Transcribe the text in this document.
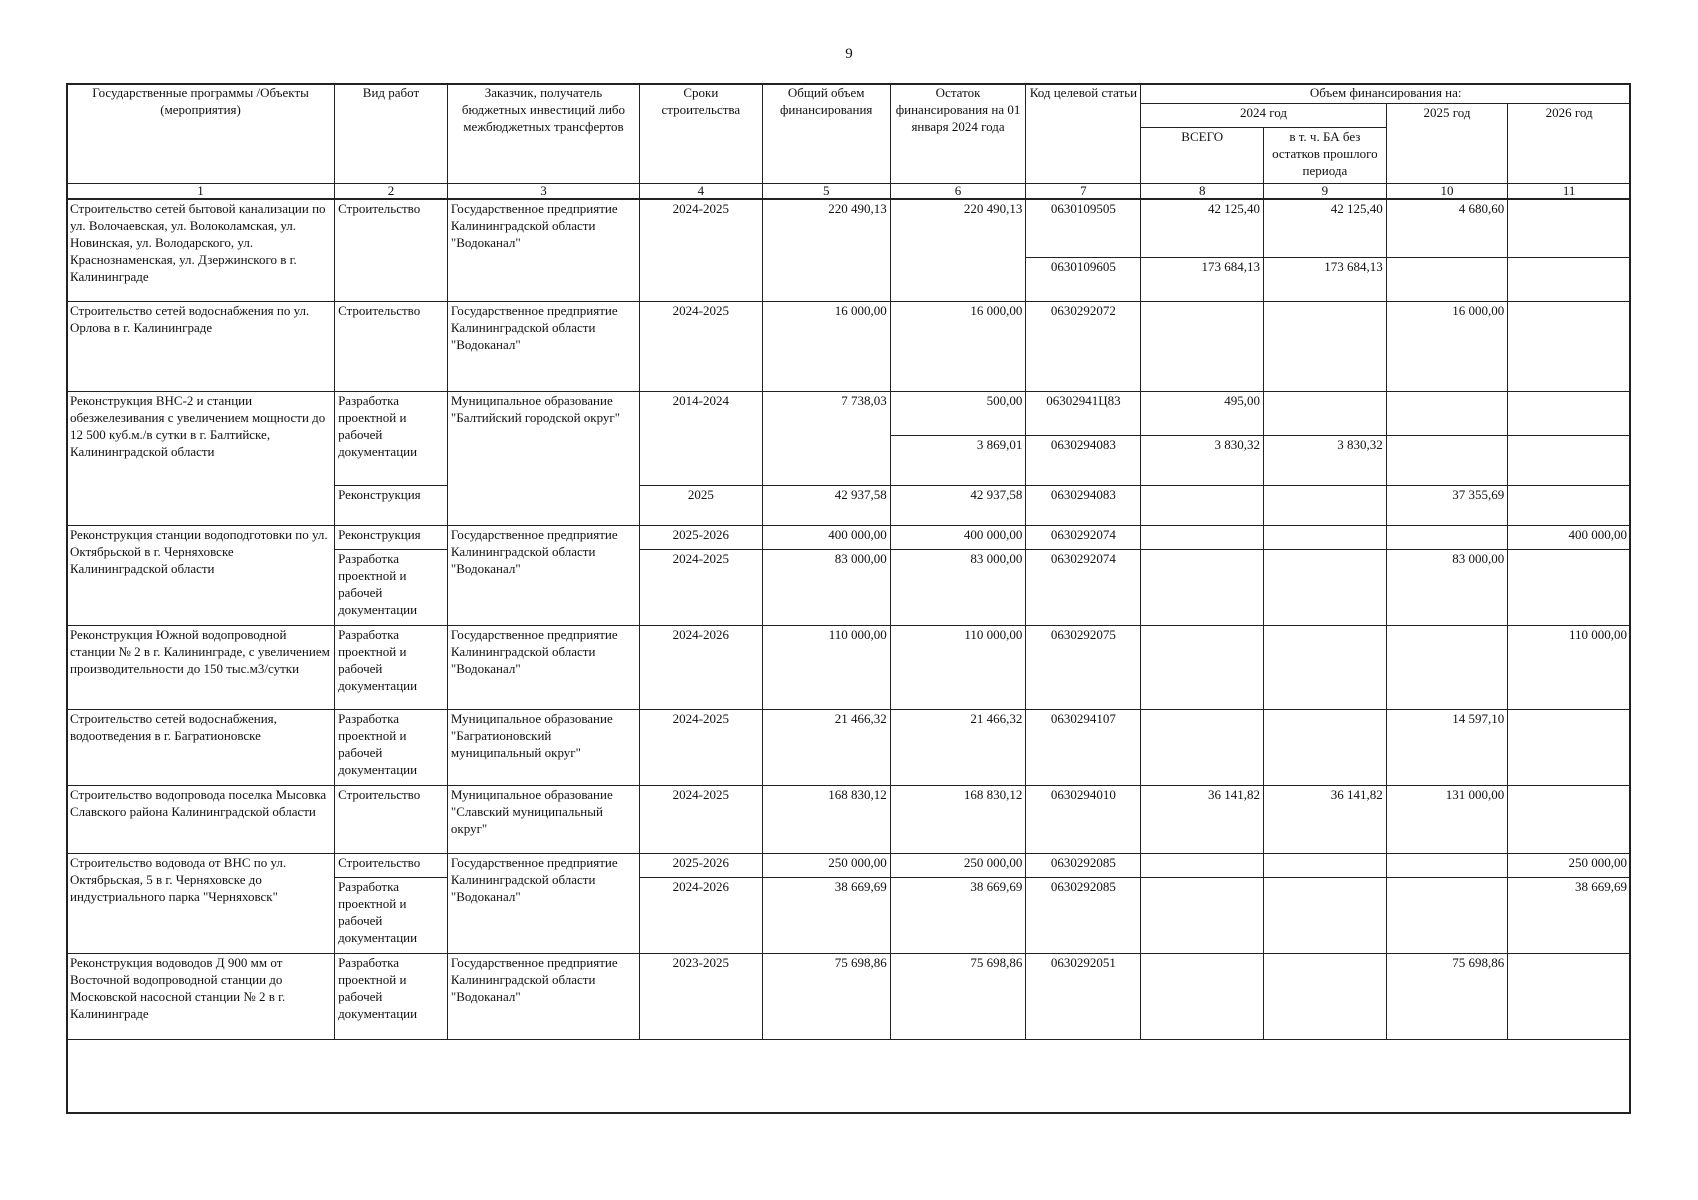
9
Государственные программы /Объекты (мероприятия)	Вид работ	Заказчик, получатель бюджетных инвестиций либо межбюджетных трансфертов	Сроки строительства	Общий объем финансирования	Остаток финансирования на 01 января 2024 года	Код целевой статьи	Объем финансирования на:			
							2024 год		2025 год	2026 год
							ВСЕГО	в т. ч. БА без остатков прошлого периода		
1	2	3	4	5	6	7	8	9	10	11
Строительство сетей бытовой канализации по ул. Волочаевская, ул. Волоколамская, ул. Новинская, ул. Володарского, ул. Краснознаменская, ул. Дзержинского в г. Калининграде	Строительство	Государственное предприятие Калининградской области "Водоканал"	2024-2025	220 490,13	220 490,13	0630109505	42 125,40	42 125,40	4 680,60	
						0630109605	173 684,13	173 684,13		
Строительство сетей водоснабжения по ул. Орлова в г. Калининграде	Строительство	Государственное предприятие Калининградской области "Водоканал"	2024-2025	16 000,00	16 000,00	0630292072			16 000,00	
Реконструкция ВНС-2 и станции обезжелезивания с увеличением мощности до 12 500 куб.м./в сутки в г. Балтийске, Калининградской области	Разработка проектной и рабочей документации	Муниципальное образование "Балтийский городской округ"	2014-2024	7 738,03	500,00	06302941Ц83	495,00			
					3 869,01	0630294083	3 830,32	3 830,32		
	Реконструкция		2025	42 937,58	42 937,58	0630294083			37 355,69	
Реконструкция станции водоподготовки по ул. Октябрьской в г. Черняховске Калининградской области	Реконструкция	Государственное предприятие Калининградской области "Водоканал"	2025-2026	400 000,00	400 000,00	0630292074				400 000,00
	Разработка проектной и рабочей документации		2024-2025	83 000,00	83 000,00	0630292074			83 000,00	
Реконструкция Южной водопроводной станции № 2 в г. Калининграде, с увеличением производительности до 150 тыс.м3/сутки	Разработка проектной и рабочей документации	Государственное предприятие Калининградской области "Водоканал"	2024-2026	110 000,00	110 000,00	0630292075				110 000,00
Строительство сетей водоснабжения, водоотведения в г. Багратионовске	Разработка проектной и рабочей документации	Муниципальное образование "Багратионовский муниципальный округ"	2024-2025	21 466,32	21 466,32	0630294107			14 597,10	
Строительство водопровода поселка Мысовка Славского района Калининградской области	Строительство	Муниципальное образование "Славский муниципальный округ"	2024-2025	168 830,12	168 830,12	0630294010	36 141,82	36 141,82	131 000,00	
Строительство водовода от ВНС по ул. Октябрьская, 5 в г. Черняховске до индустриального парка "Черняховск"	Строительство	Государственное предприятие Калининградской области "Водоканал"	2025-2026	250 000,00	250 000,00	0630292085				250 000,00
	Разработка проектной и рабочей документации		2024-2026	38 669,69	38 669,69	0630292085				38 669,69
Реконструкция водоводов Д 900 мм от Восточной водопроводной станции до Московской насосной станции № 2 в г. Калининграде	Разработка проектной и рабочей документации	Государственное предприятие Калининградской области "Водоканал"	2023-2025	75 698,86	75 698,86	0630292051			75 698,86	
